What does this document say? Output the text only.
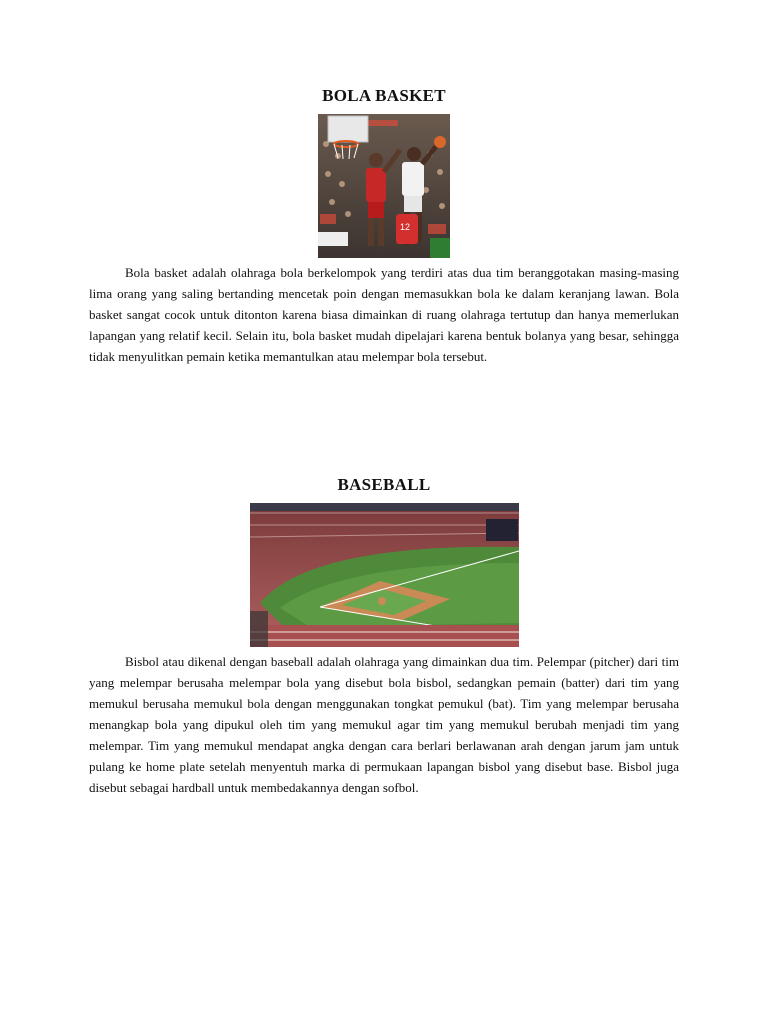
BOLA BASKET
12

Bola basket adalah olahraga bola berkelompok yang terdiri atas dua tim beranggotakan masing-masing lima orang yang saling bertanding mencetak poin dengan memasukkan bola ke dalam keranjang lawan. Bola basket sangat cocok untuk ditonton karena biasa dimainkan di ruang olahraga tertutup dan hanya memerlukan lapangan yang relatif kecil. Selain itu, bola basket mudah dipelajari karena bentuk bolanya yang besar, sehingga tidak menyulitkan pemain ketika memantulkan atau melempar bola tersebut.

BASEBALL

Bisbol atau dikenal dengan baseball adalah olahraga yang dimainkan dua tim. Pelempar (pitcher) dari tim yang melempar berusaha melempar bola yang disebut bola bisbol, sedangkan pemain (batter) dari tim yang memukul berusaha memukul bola dengan menggunakan tongkat pemukul (bat). Tim yang melempar berusaha menangkap bola yang dipukul oleh tim yang memukul agar tim yang memukul berubah menjadi tim yang melempar. Tim yang memukul mendapat angka dengan cara berlari berlawanan arah dengan jarum jam untuk pulang ke home plate setelah menyentuh marka di permukaan lapangan bisbol yang disebut base. Bisbol juga disebut sebagai hardball untuk membedakannya dengan sofbol.
